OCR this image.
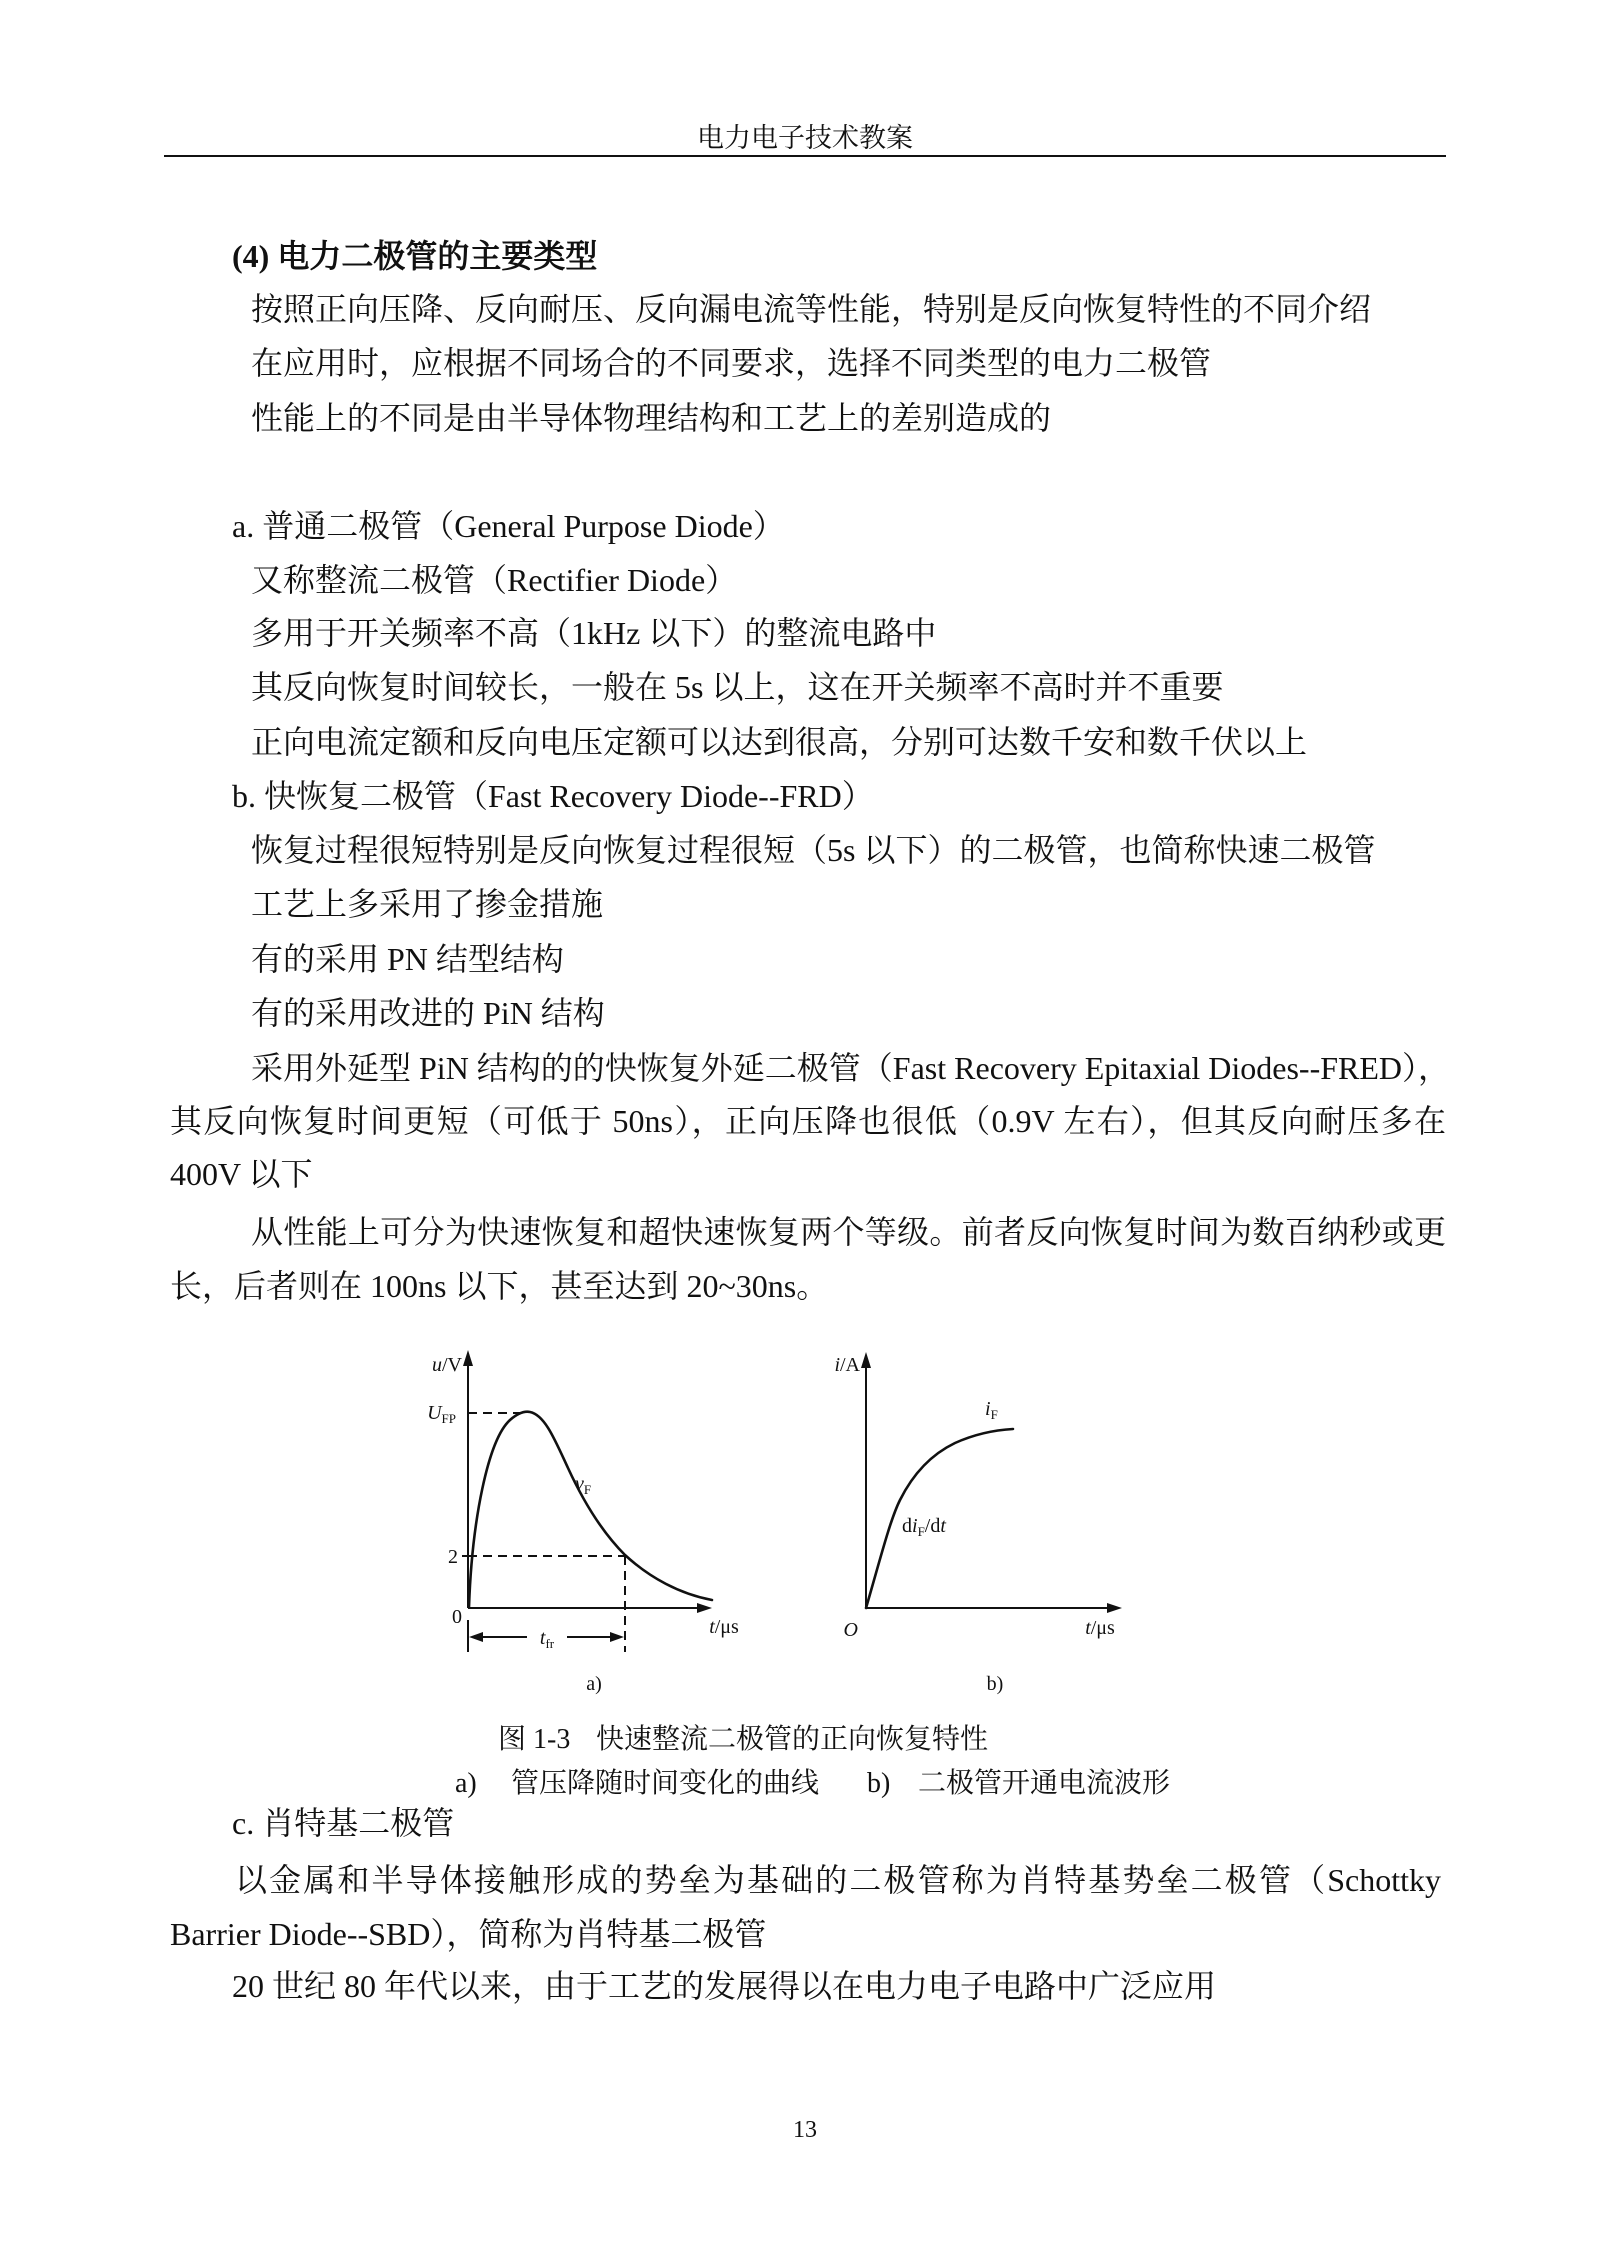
电力电子技术教案
(4) 电力二极管的主要类型
按照正向压降、反向耐压、反向漏电流等性能，特别是反向恢复特性的不同介绍
在应用时，应根据不同场合的不同要求，选择不同类型的电力二极管
性能上的不同是由半导体物理结构和工艺上的差别造成的
a. 普通二极管（General Purpose Diode）
又称整流二极管（Rectifier Diode）
多用于开关频率不高（1kHz 以下）的整流电路中
其反向恢复时间较长，一般在 5s 以上，这在开关频率不高时并不重要
正向电流定额和反向电压定额可以达到很高，分别可达数千安和数千伏以上
b. 快恢复二极管（Fast Recovery Diode--FRD）
恢复过程很短特别是反向恢复过程很短（5s 以下）的二极管，也简称快速二极管
工艺上多采用了掺金措施
有的采用 PN 结型结构
有的采用改进的 PiN 结构
采用外延型 PiN 结构的的快恢复外延二极管（Fast Recovery Epitaxial Diodes--FRED），
其反向恢复时间更短（可低于 50ns），正向压降也很低（0.9V 左右），但其反向耐压多在
400V 以下
从性能上可分为快速恢复和超快速恢复两个等级。前者反向恢复时间为数百纳秒或更
长，后者则在 100ns 以下，甚至达到 20~30ns。
u/V
$U_{FP}$
2
0
$v_F$
$t_{fr}$
t/μs
a)
i/A
$i_F$
$di_F/dt$
O	t/μs
b)
图 1-3 快速整流二极管的正向恢复特性
a) 管压降随时间变化的曲线 b) 二极管开通电流波形
c. 肖特基二极管
以金属和半导体接触形成的势垒为基础的二极管称为肖特基势垒二极管（Schottky
Barrier Diode--SBD），简称为肖特基二极管
20 世纪 80 年代以来，由于工艺的发展得以在电力电子电路中广泛应用
13
